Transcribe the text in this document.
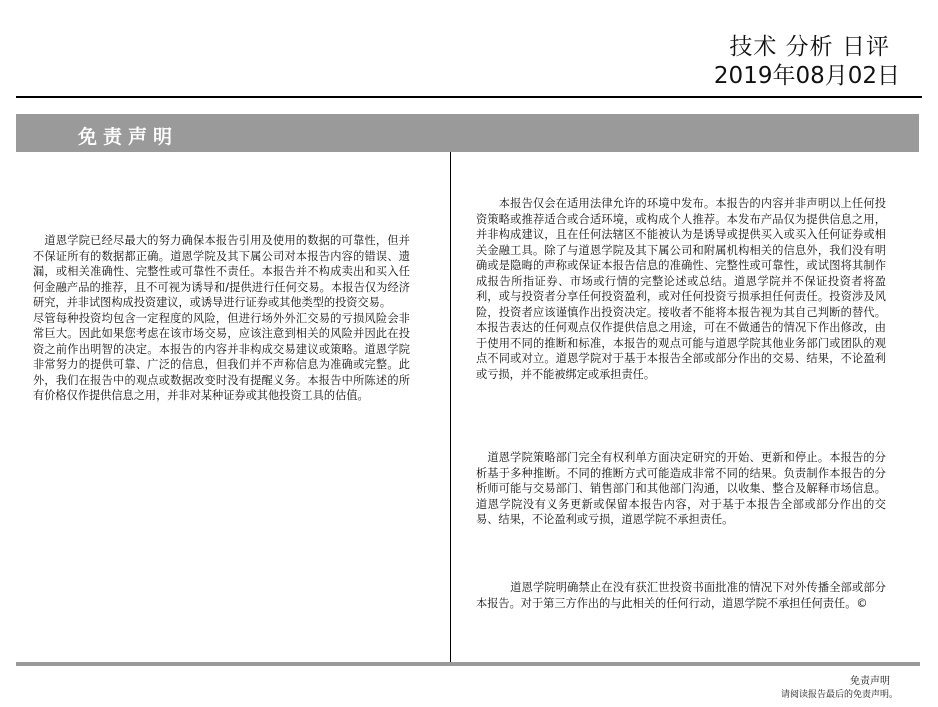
技术 分析 日评
2019年08月02日
免责声明

　道恩学院已经尽最大的努力确保本报告引用及使用的数据的可靠性，但并不保证所有的数据都正确。道恩学院及其下属公司对本报告内容的错误、遗漏，或相关准确性、完整性或可靠性不责任。本报告并不构成卖出和买入任何金融产品的推荐，且不可视为诱导和/提供进行任何交易。本报告仅为经济研究，并非试图构成投资建议，或诱导进行证券或其他类型的投资交易。

尽管每种投资均包含一定程度的风险，但进行场外外汇交易的亏损风险会非常巨大。因此如果您考虑在该市场交易，应该注意到相关的风险并因此在投资之前作出明智的决定。本报告的内容并非构成交易建议或策略。道恩学院非常努力的提供可靠、广泛的信息，但我们并不声称信息为准确或完整。此外，我们在报告中的观点或数据改变时没有提醒义务。本报告中所陈述的所有价格仅作提供信息之用，并非对某种证券或其他投资工具的估值。

　　本报告仅会在适用法律允许的环境中发布。本报告的内容并非声明以上任何投资策略或推荐适合或合适环境，或构成个人推荐。本发布产品仅为提供信息之用，并非构成建议，且在任何法辖区不能被认为是诱导或提供买入或买入任何证券或相关金融工具。除了与道恩学院及其下属公司和附属机构相关的信息外，我们没有明确或是隐晦的声称或保证本报告信息的准确性、完整性或可靠性，或试图将其制作成报告所指证券、市场或行情的完整论述或总结。道恩学院并不保证投资者将盈利，或与投资者分享任何投资盈利，或对任何投资亏损承担任何责任。投资涉及风险，投资者应该谨慎作出投资决定。接收者不能将本报告视为其自己判断的替代。本报告表达的任何观点仅作提供信息之用途，可在不做通告的情况下作出修改，由于使用不同的推断和标准，本报告的观点可能与道恩学院其他业务部门或团队的观点不同或对立。道恩学院对于基于本报告全部或部分作出的交易、结果，不论盈利或亏损，并不能被绑定或承担责任。
　道恩学院策略部门完全有权利单方面决定研究的开始、更新和停止。本报告的分析基于多种推断。不同的推断方式可能造成非常不同的结果。负责制作本报告的分析师可能与交易部门、销售部门和其他部门沟通，以收集、整合及解释市场信息。道恩学院没有义务更新或保留本报告内容，对于基于本报告全部或部分作出的交易、结果，不论盈利或亏损，道恩学院不承担责任。
　　　道恩学院明确禁止在没有获汇世投资书面批准的情况下对外传播全部或部分本报告。对于第三方作出的与此相关的任何行动，道恩学院不承担任何责任。©
免责声明
请阅读报告最后的免责声明。
